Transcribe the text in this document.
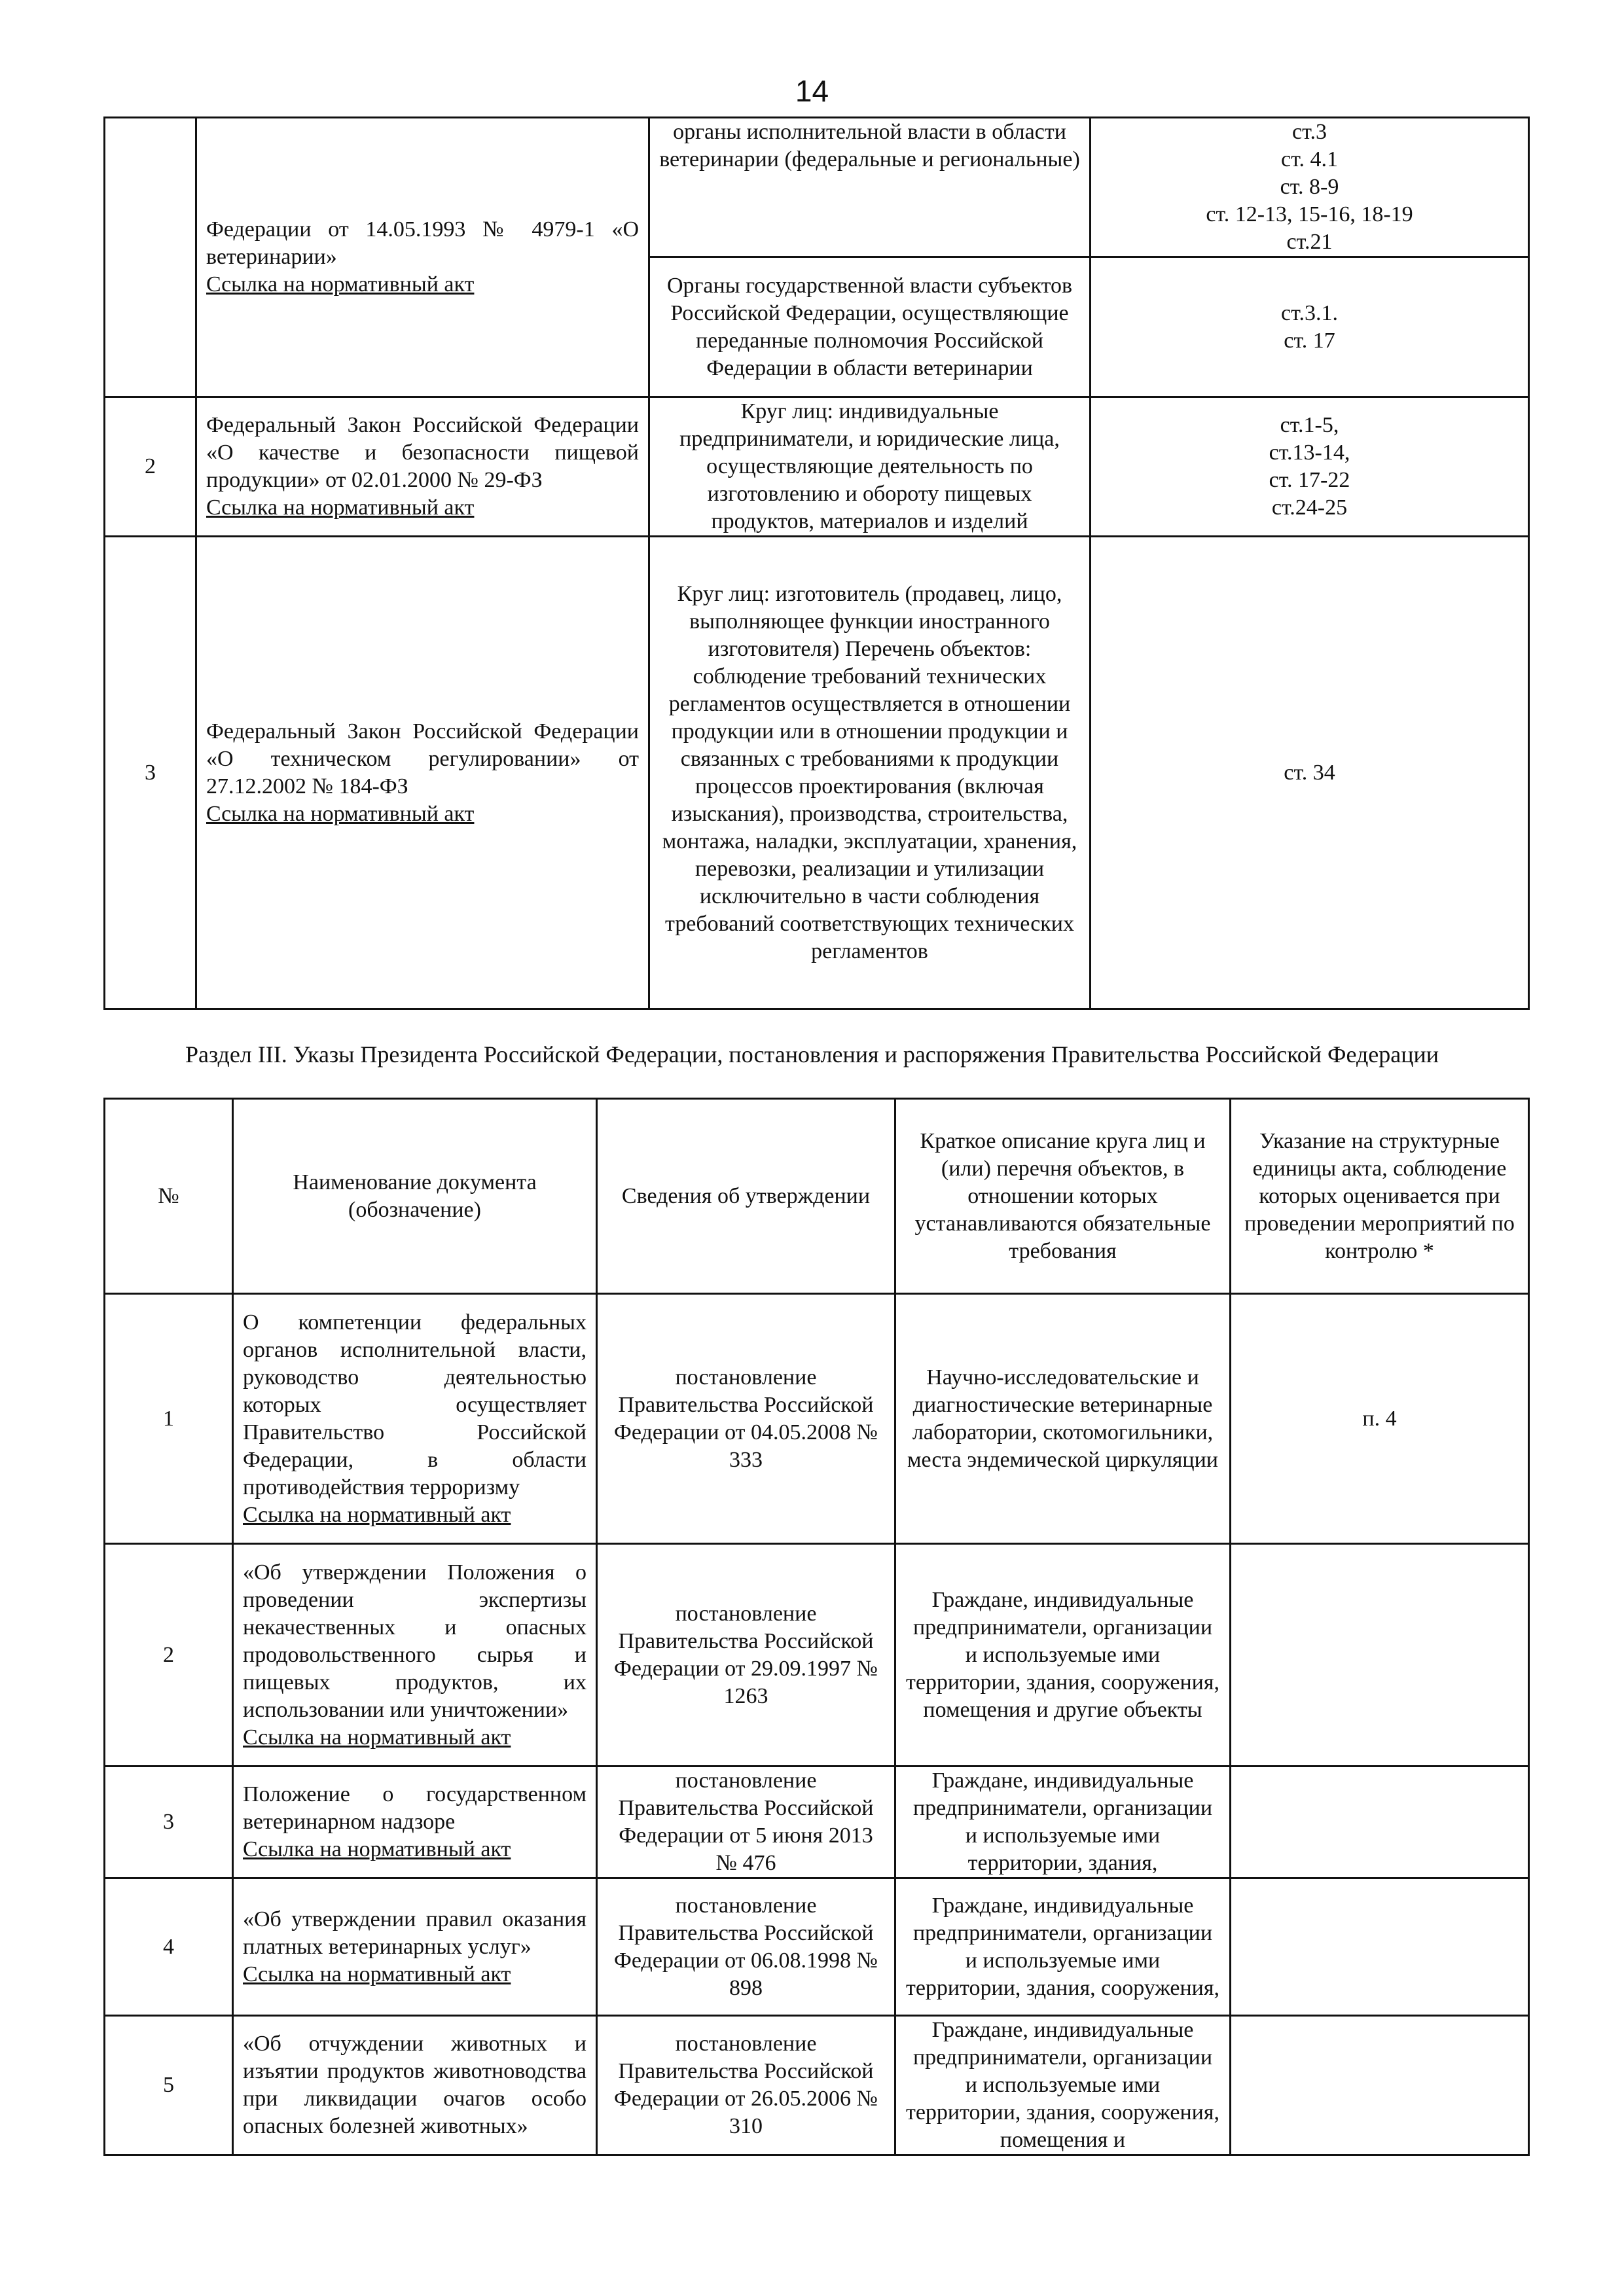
14
	Федерации от 14.05.1993 № 4979-1 «О ветеринарии»
Ссылка на нормативный акт	органы исполнительной власти в области ветеринарии (федеральные и региональные)	ст.3
ст. 4.1
ст. 8-9
ст. 12-13, 15-16, 18-19
ст.21

		Органы государственной власти субъектов Российской Федерации, осуществляющие переданные полномочия Российской Федерации в области ветеринарии	ст.3.1.
ст. 17

2	Федеральный Закон Российской Федерации «О качестве и безопасности пищевой продукции» от 02.01.2000 № 29-ФЗ
Ссылка на нормативный акт	Круг лиц: индивидуальные предприниматели, и юридические лица, осуществляющие деятельность по изготовлению и обороту пищевых продуктов, материалов и изделий	ст.1-5,
ст.13-14,
ст. 17-22
ст.24-25

3	Федеральный Закон Российской Федерации «О техническом регулировании» от 27.12.2002 № 184-ФЗ
Ссылка на нормативный акт	Круг лиц: изготовитель (продавец, лицо, выполняющее функции иностранного изготовителя) Перечень объектов: соблюдение требований технических регламентов осуществляется в отношении продукции или в отношении продукции и связанных с требованиями к продукции процессов проектирования (включая изыскания), производства, строительства, монтажа, наладки, эксплуатации, хранения, перевозки, реализации и утилизации исключительно в части соблюдения требований соответствующих технических регламентов	ст. 34
Раздел III. Указы Президента Российской Федерации, постановления и распоряжения Правительства Российской Федерации
№	Наименование документа (обозначение)	Сведения об утверждении	Краткое описание круга лиц и (или) перечня объектов, в отношении которых устанавливаются обязательные требования	Указание на структурные единицы акта, соблюдение которых оценивается при проведении мероприятий по контролю *
1	О компетенции федеральных органов исполнительной власти, руководство деятельностью которых осуществляет Правительство Российской Федерации, в области противодействия терроризму
Ссылка на нормативный акт	постановление Правительства Российской Федерации от 04.05.2008 № 333	Научно-исследовательские и диагностические ветеринарные лаборатории, скотомогильники, места эндемической циркуляции	п. 4
2	«Об утверждении Положения о проведении экспертизы некачественных и опасных продовольственного сырья и пищевых продуктов, их использовании или уничтожении»
Ссылка на нормативный акт	постановление Правительства Российской Федерации от 29.09.1997 № 1263	Граждане, индивидуальные предприниматели, организации и используемые ими территории, здания, сооружения, помещения и другие объекты	
3	Положение о государственном ветеринарном надзоре
Ссылка на нормативный акт	постановление Правительства Российской Федерации от 5 июня 2013 № 476	Граждане, индивидуальные предприниматели, организации и используемые ими территории, здания,	
4	«Об утверждении правил оказания платных ветеринарных услуг»
Ссылка на нормативный акт	постановление Правительства Российской Федерации от 06.08.1998 № 898	Граждане, индивидуальные предприниматели, организации и используемые ими территории, здания, сооружения,	
5	«Об отчуждении животных и изъятии продуктов животноводства при ликвидации очагов особо опасных болезней животных»	постановление Правительства Российской Федерации от 26.05.2006 № 310	Граждане, индивидуальные предприниматели, организации и используемые ими территории, здания, сооружения, помещения и	
